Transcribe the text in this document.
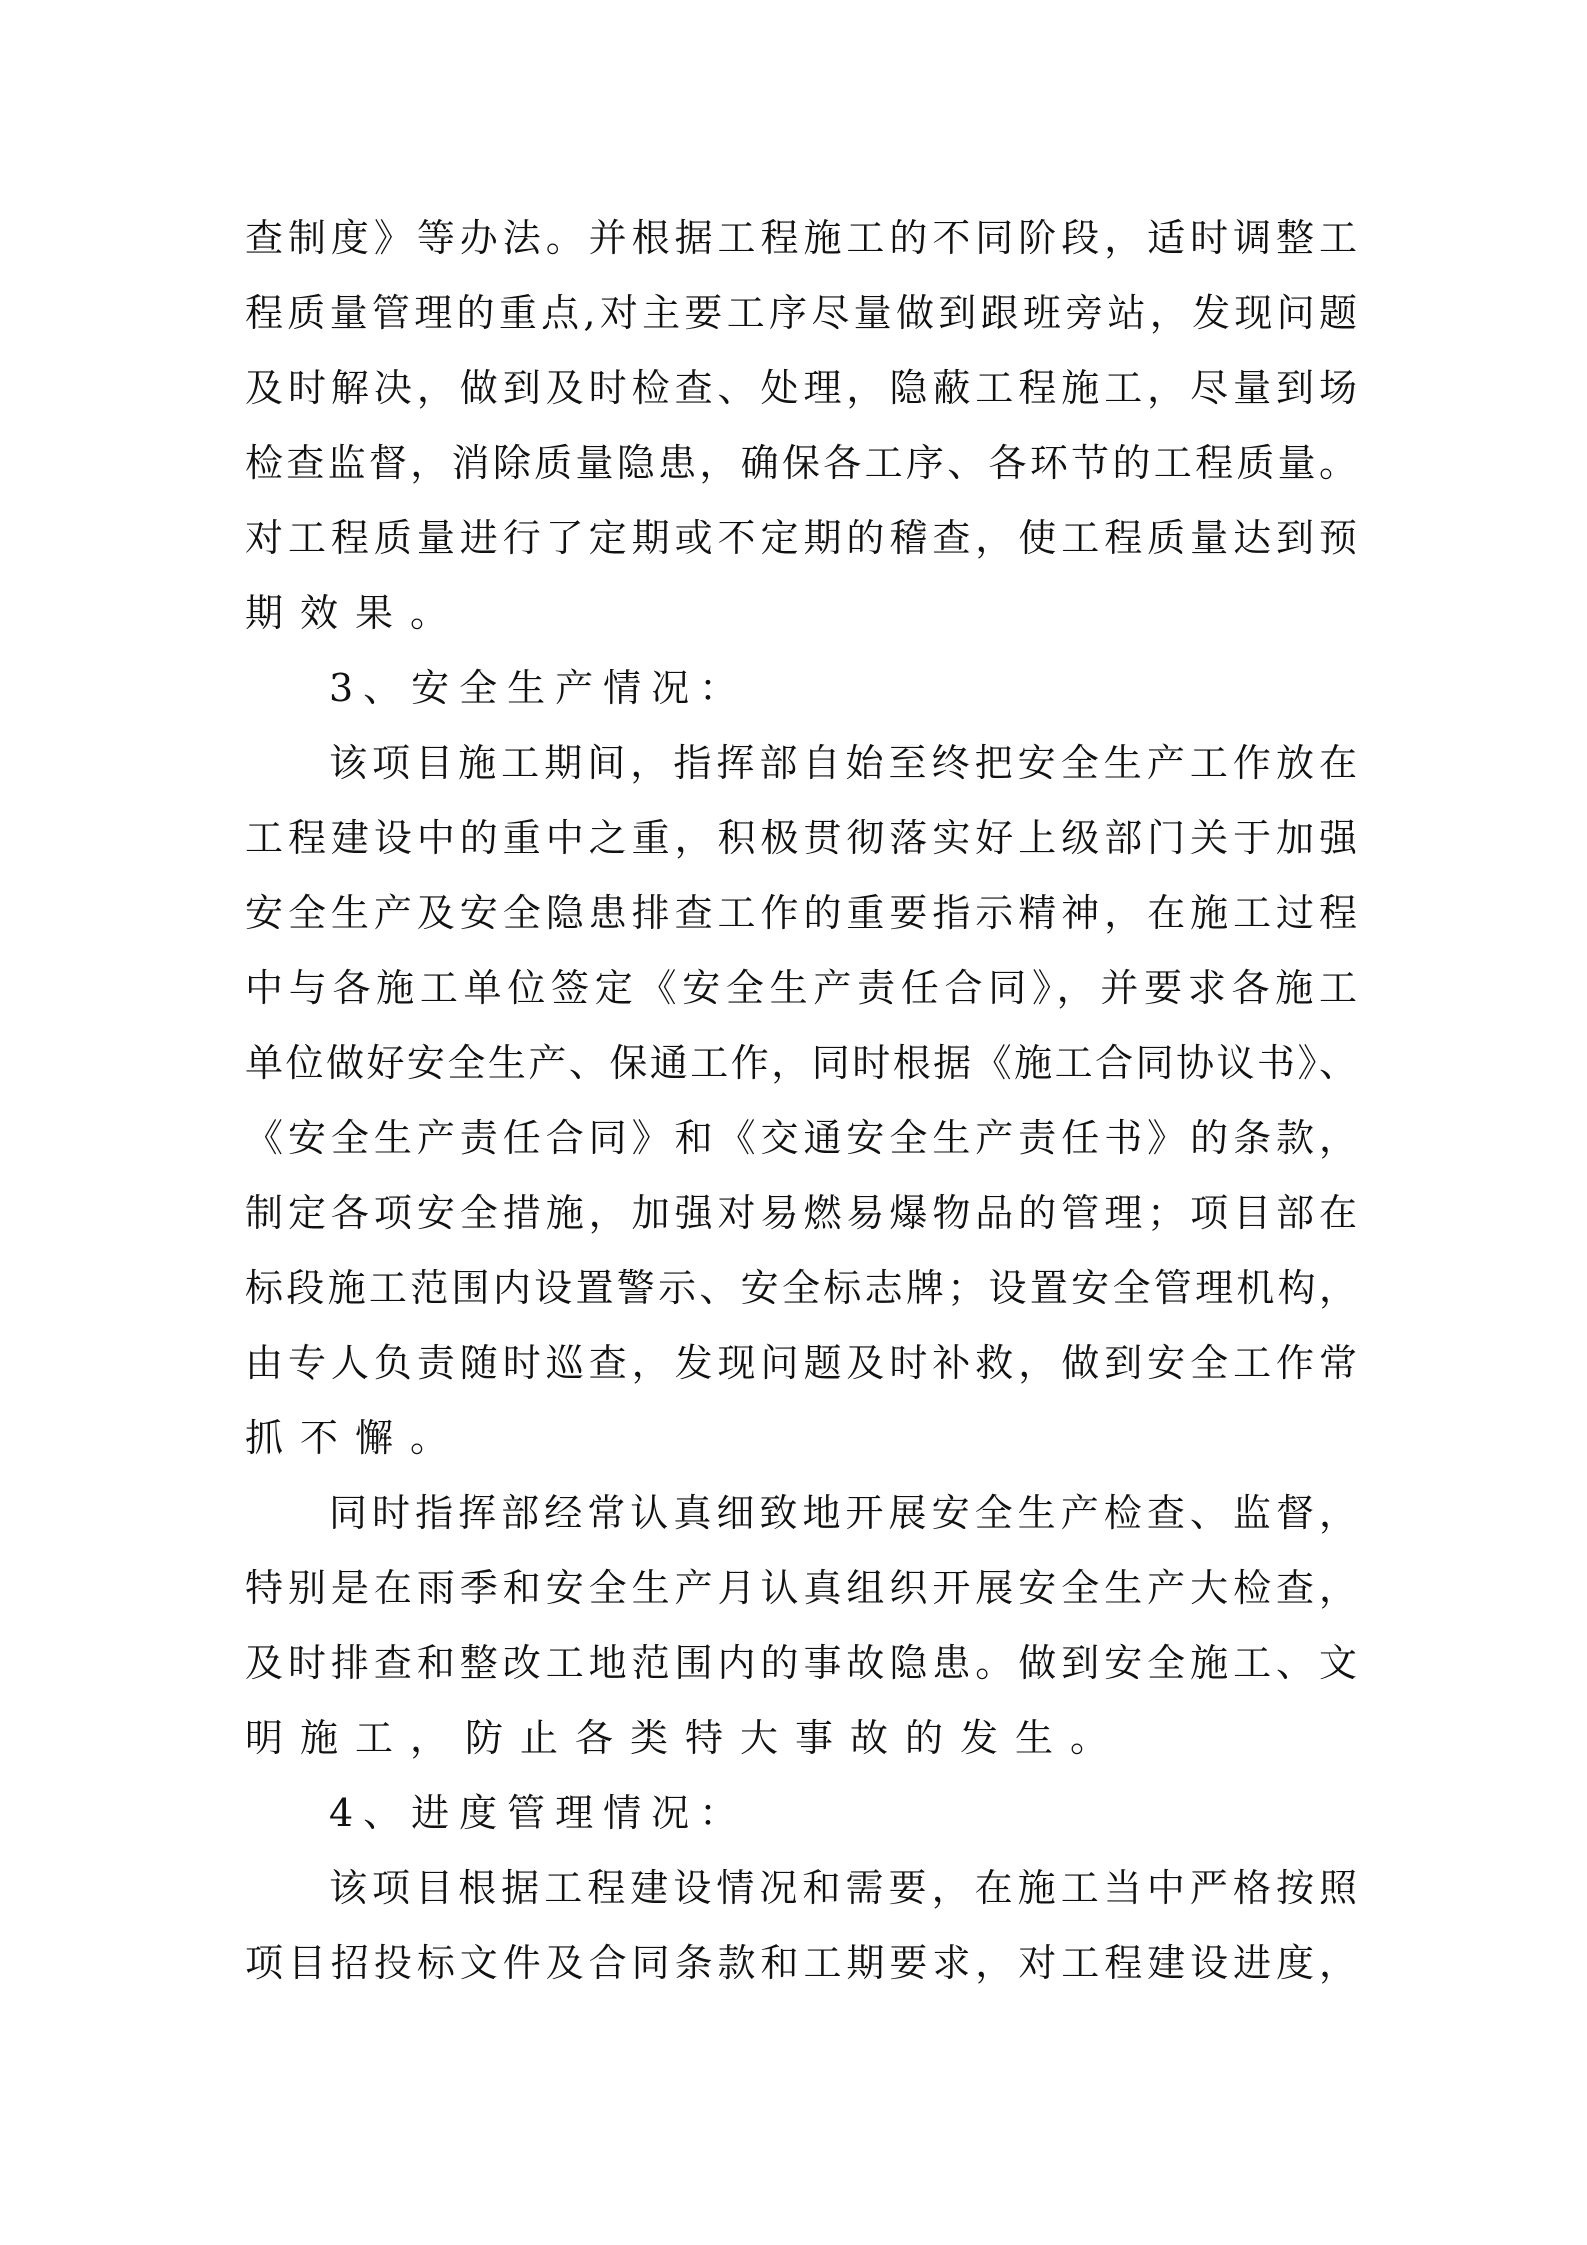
查制度》等办法。并根据工程施工的不同阶段，适时调整工
程质量管理的重点,对主要工序尽量做到跟班旁站，发现问题
及时解决，做到及时检查、处理，隐蔽工程施工，尽量到场
检查监督，消除质量隐患，确保各工序、各环节的工程质量。
对工程质量进行了定期或不定期的稽查，使工程质量达到预
期效果。
3、安全生产情况：
该项目施工期间，指挥部自始至终把安全生产工作放在
工程建设中的重中之重，积极贯彻落实好上级部门关于加强
安全生产及安全隐患排查工作的重要指示精神，在施工过程
中与各施工单位签定《安全生产责任合同》，并要求各施工
单位做好安全生产、保通工作，同时根据《施工合同协议书》、
《安全生产责任合同》和《交通安全生产责任书》的条款，
制定各项安全措施，加强对易燃易爆物品的管理；项目部在
标段施工范围内设置警示、安全标志牌；设置安全管理机构，
由专人负责随时巡查，发现问题及时补救，做到安全工作常
抓不懈。
同时指挥部经常认真细致地开展安全生产检查、监督，
特别是在雨季和安全生产月认真组织开展安全生产大检查，
及时排查和整改工地范围内的事故隐患。做到安全施工、文
明施工，防止各类特大事故的发生。
4、进度管理情况：
该项目根据工程建设情况和需要，在施工当中严格按照
项目招投标文件及合同条款和工期要求，对工程建设进度，
